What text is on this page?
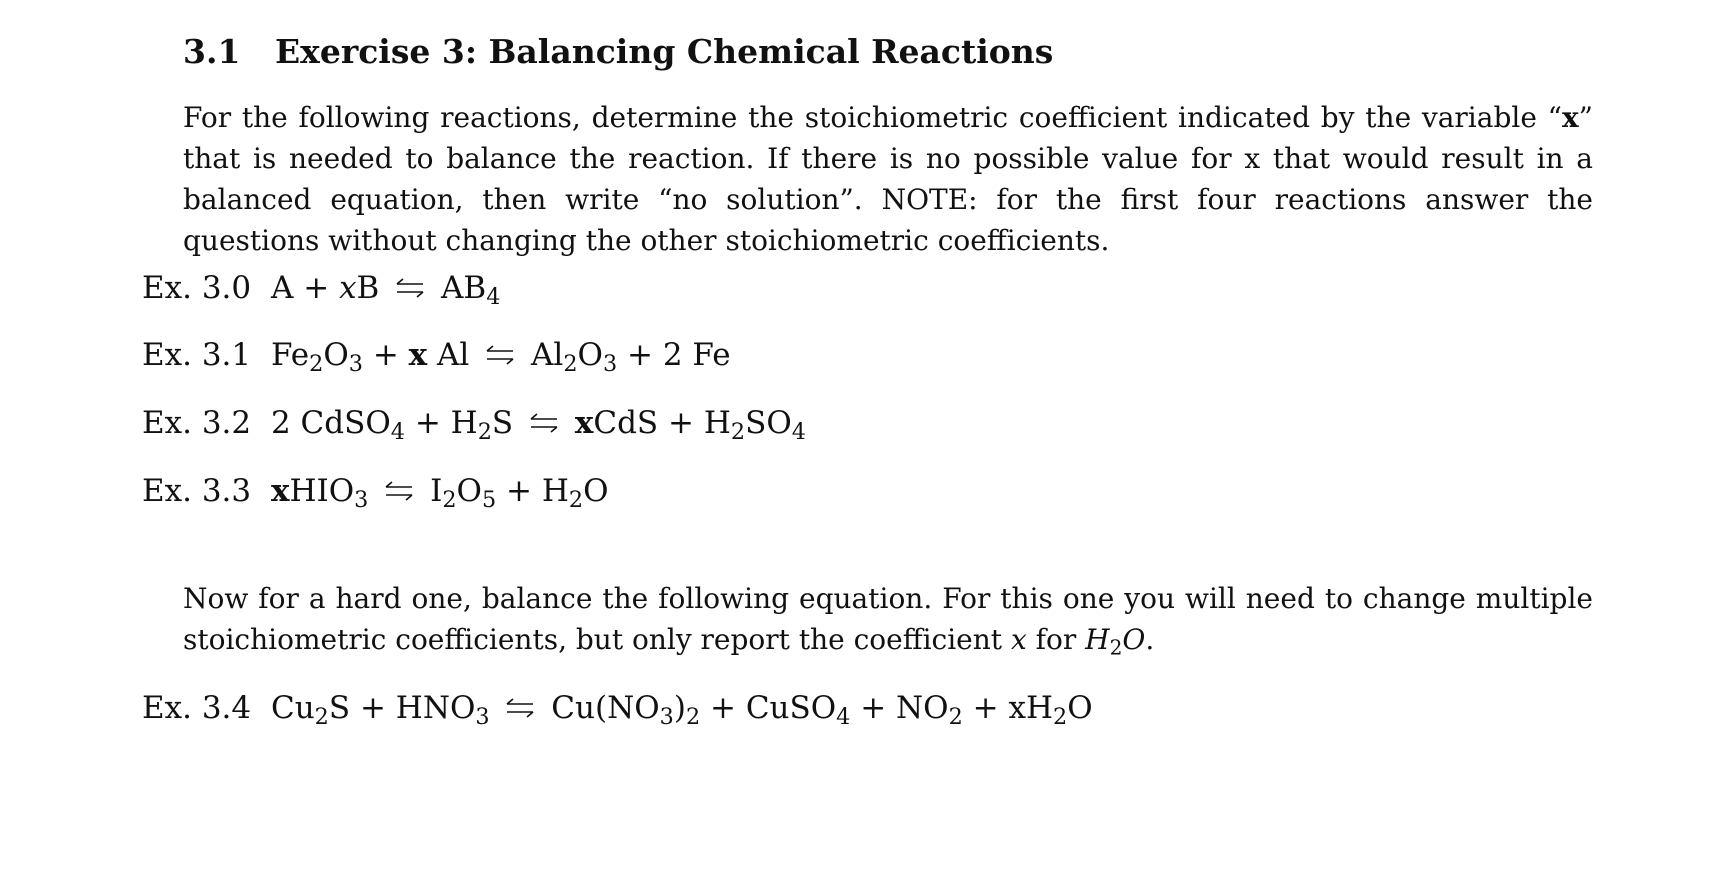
3.1 Exercise 3: Balancing Chemical Reactions

For the following reactions, determine the stoichiometric coefficient indicated by the variable “x” that is needed to balance the reaction. If there is no possible value for x that would result in a balanced equation, then write “no solution”. NOTE: for the first four reactions answer the questions without changing the other stoichiometric coefficients.

Ex. 3.0 A + xB $AB_4$
Ex. 3.1 $Fe_2O_3 + x$ Al $Al_2O_3 + 2$ Fe
Ex. 3.2 2 CdSO$_4$ + $H_2S$ xCdS + $H_2SO_4$
Ex. 3.3 xHIO$_3$ $I_2O_5 + H_2O$

Now for a hard one, balance the following equation. For this one you will need to change multiple stoichiometric coefficients, but only report the coefficient x for $H_2O$.

Ex. 3.4 $Cu_2S + HNO_3$ $Cu(NO_3)_2$ + CuSO$_4$ + $NO_2 + xH_2O$
